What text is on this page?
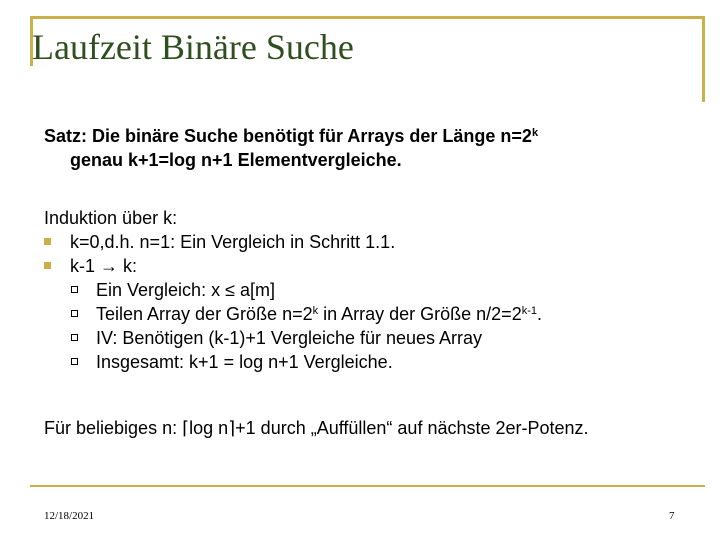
Laufzeit Binäre Suche
Satz: Die binäre Suche benötigt für Arrays der Länge $n=2^k$
genau k+1=log n+1 Elementvergleiche.
Induktion über k:
k=0,d.h. n=1: Ein Vergleich in Schritt 1.1.
k-1 → k:
Ein Vergleich: x ≤ a[m]
Teilen Array der Größe $n=2^k$ in Array der Größe $n/2=2^{k-1}$.
IV: Benötigen (k-1)+1 Vergleiche für neues Array
Insgesamt: k+1 = log n+1 Vergleiche.
Für beliebiges n: ⌈log n⌉+1 durch „Auffüllen“ auf nächste 2er-Potenz.
12/18/2021	7
